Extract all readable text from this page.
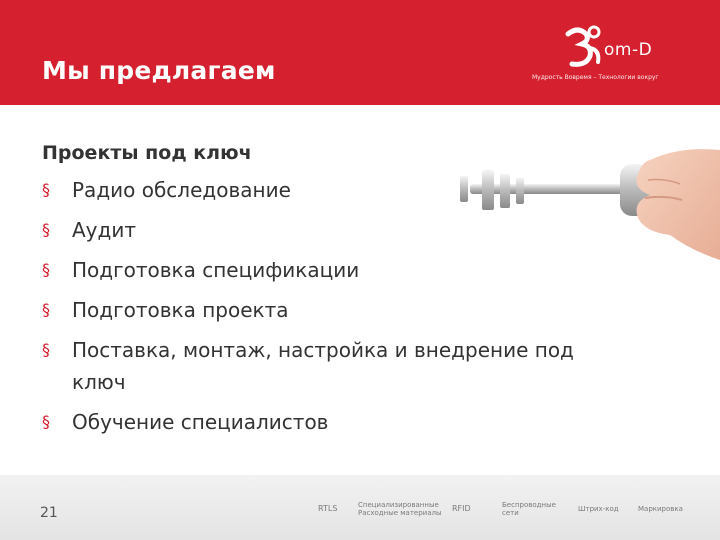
Мы предлагаем
om-D
Мудрость Вовремя – Технологии вокруг

Проекты под ключ

§ Радио обследование
§ Аудит
§ Подготовка спецификации
§ Подготовка проекта
§ Поставка, монтаж, настройка и внедрение под ключ
§ Обучение специалистов
21	RTLS	Специализированные
Расходные материалы RFID	Беспроводные
сети	Штрих-код	Маркировка
